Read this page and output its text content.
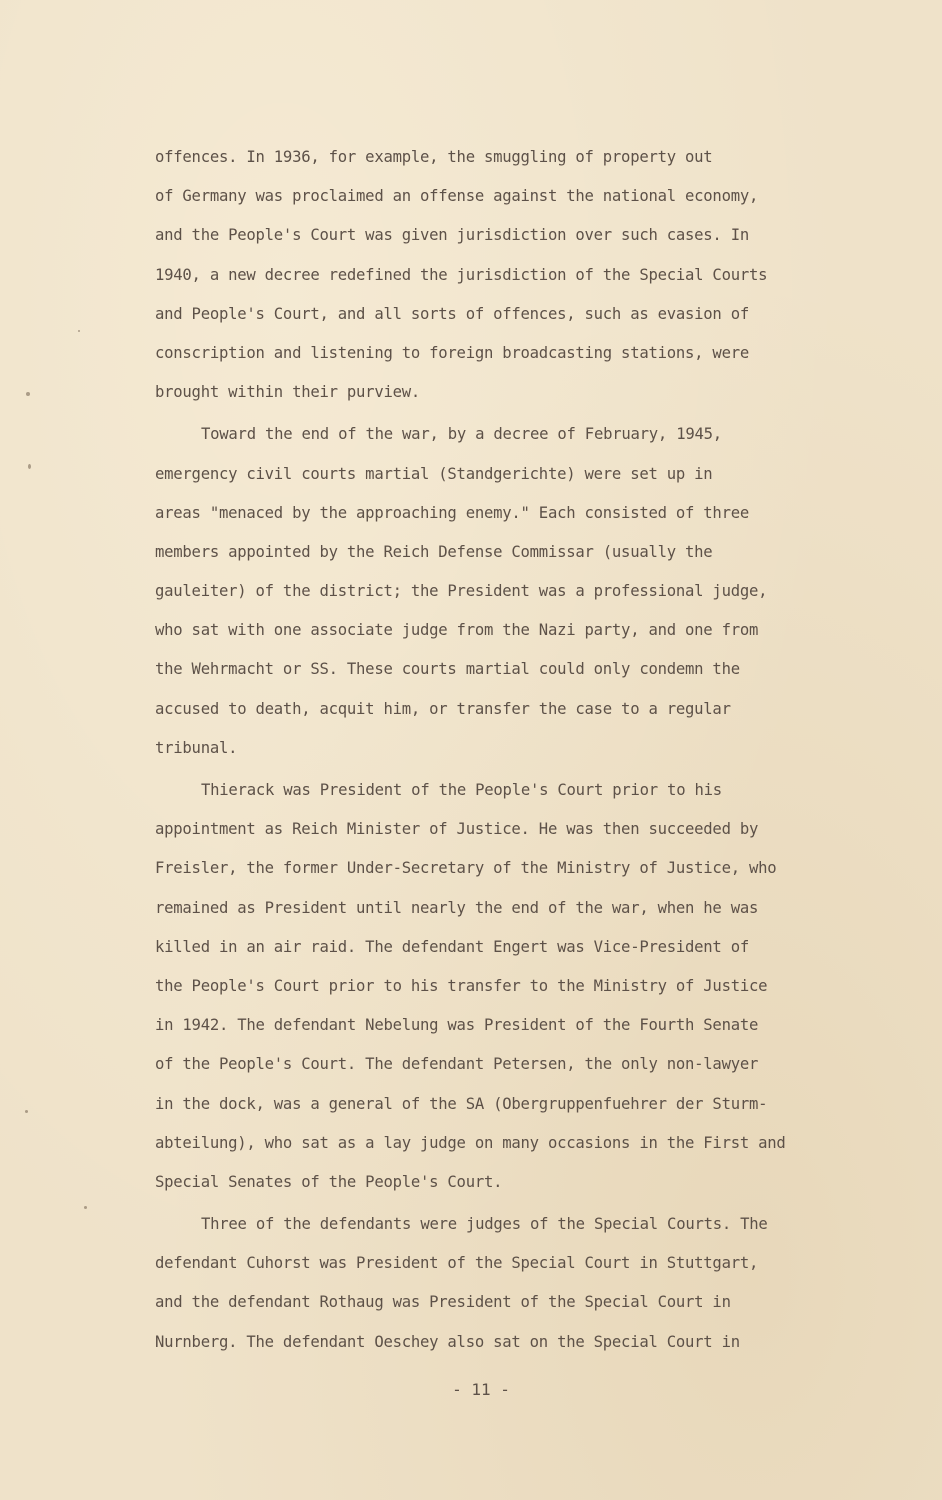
offences. In 1936, for example, the smuggling of property out
of Germany was proclaimed an offense against the national economy,
and the People's Court was given jurisdiction over such cases. In
1940, a new decree redefined the jurisdiction of the Special Courts
and People's Court, and all sorts of offences, such as evasion of
conscription and listening to foreign broadcasting stations, were
brought within their purview.
Toward the end of the war, by a decree of February, 1945,
emergency civil courts martial (Standgerichte) were set up in
areas "menaced by the approaching enemy." Each consisted of three
members appointed by the Reich Defense Commissar (usually the
gauleiter) of the district; the President was a professional judge,
who sat with one associate judge from the Nazi party, and one from
the Wehrmacht or SS. These courts martial could only condemn the
accused to death, acquit him, or transfer the case to a regular
tribunal.
Thierack was President of the People's Court prior to his
appointment as Reich Minister of Justice. He was then succeeded by
Freisler, the former Under-Secretary of the Ministry of Justice, who
remained as President until nearly the end of the war, when he was
killed in an air raid. The defendant Engert was Vice-President of
the People's Court prior to his transfer to the Ministry of Justice
in 1942. The defendant Nebelung was President of the Fourth Senate
of the People's Court. The defendant Petersen, the only non-lawyer
in the dock, was a general of the SA (Obergruppenfuehrer der Sturm-
abteilung), who sat as a lay judge on many occasions in the First and
Special Senates of the People's Court.
Three of the defendants were judges of the Special Courts. The
defendant Cuhorst was President of the Special Court in Stuttgart,
and the defendant Rothaug was President of the Special Court in
Nurnberg. The defendant Oeschey also sat on the Special Court in
- 11 -
